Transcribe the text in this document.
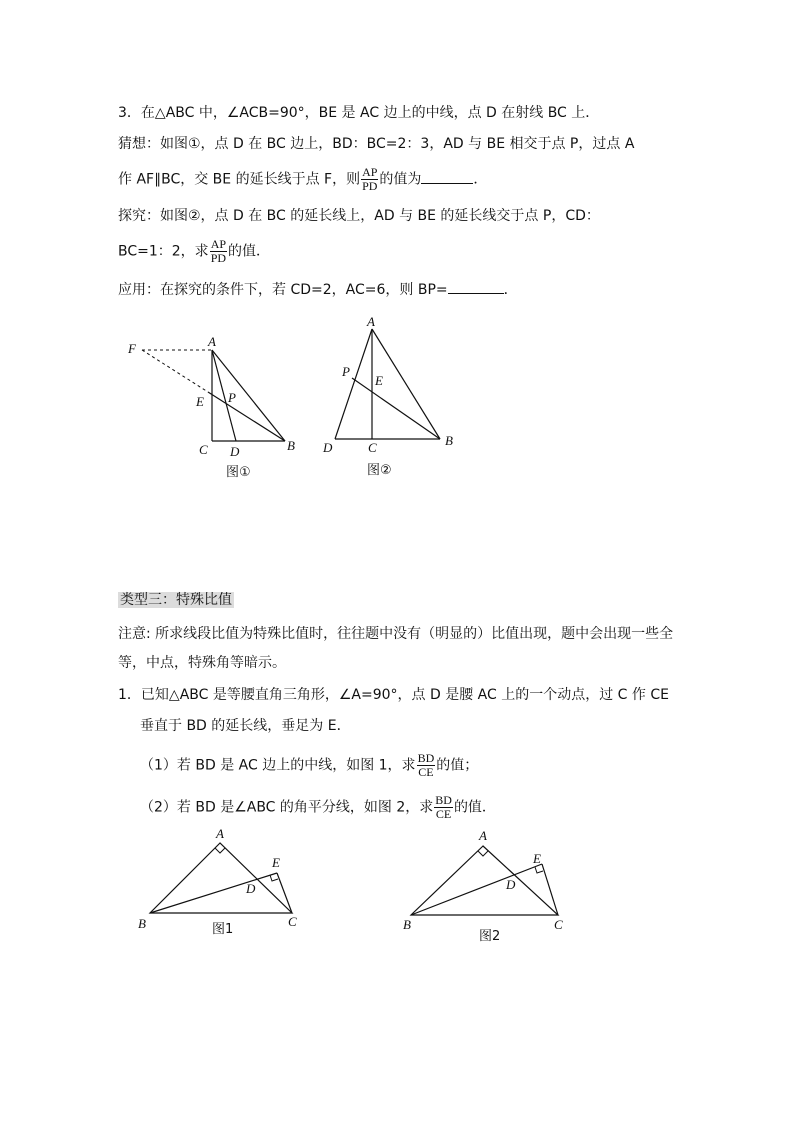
3．在△ABC 中，∠ACB=90°，BE 是 AC 边上的中线，点 D 在射线 BC 上．
猜想：如图①，点 D 在 BC 边上，BD：BC=2：3，AD 与 BE 相交于点 P，过点 A
作 AF∥BC，交 BE 的延长线于点 F，则 $\frac{AP}{PD}$ 的值为	．
探究：如图②，点 D 在 BC 的延长线上，AD 与 BE 的延长线交于点 P，CD：
BC=1：2，求 $\frac{AP}{PD}$ 的值．
应用：在探究的条件下，若 CD=2，AC=6，则 BP=	．
F	A
E P
C D	B
图①
A
P
E
D	C	B
图②
类型三：特殊比值
注意: 所求线段比值为特殊比值时，往往题中没有（明显的）比值出现，题中会出现一些全
等，中点，特殊角等暗示。
1．已知△ABC 是等腰直角三角形，∠A=90°，点 D 是腰 AC 上的一个动点，过 C 作 CE
垂直于 BD 的延长线，垂足为 E．
（1）若 BD 是 AC 边上的中线，如图 1，求 $\frac{BD}{CE}$ 的值；
（2）若 BD 是∠ABC 的角平分线，如图 2，求 $\frac{BD}{CE}$ 的值．
A
E
D
B	C
图1
A
E
D
B	C
图2
